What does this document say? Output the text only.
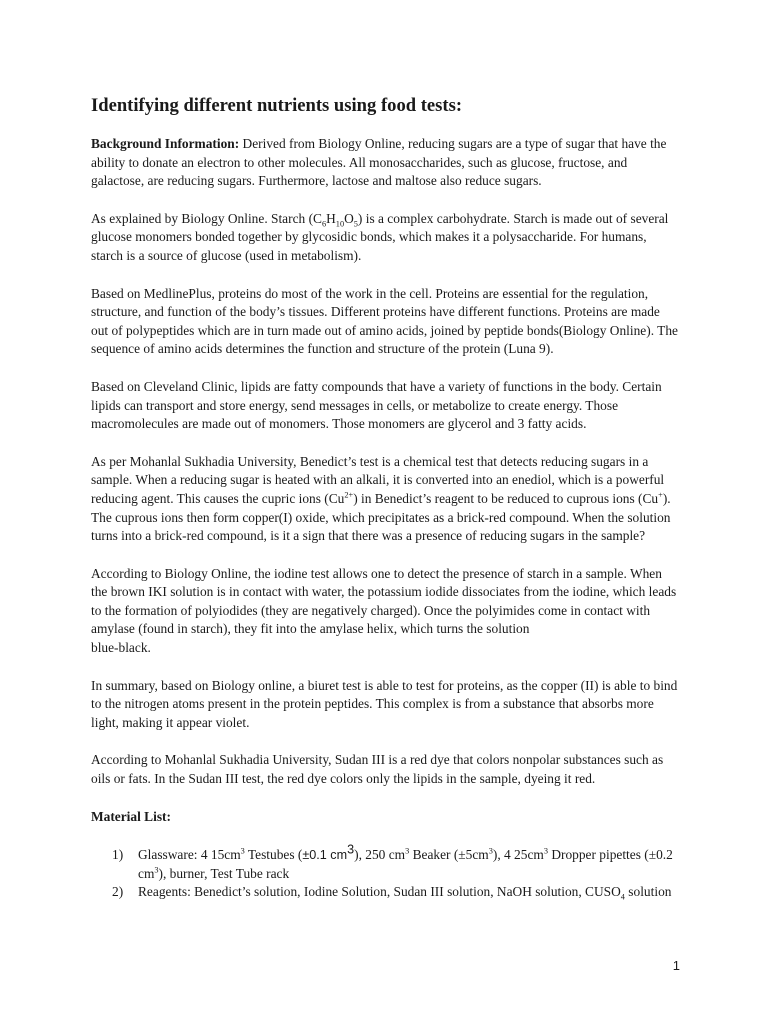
Identifying different nutrients using food tests:

Background Information: Derived from Biology Online, reducing sugars are a type of sugar that have the ability to donate an electron to other molecules. All monosaccharides, such as glucose, fructose, and galactose, are reducing sugars. Furthermore, lactose and maltose also reduce sugars.

As explained by Biology Online. Starch $(C_6H_{10}O_5)$ is a complex carbohydrate. Starch is made out of several glucose monomers bonded together by glycosidic bonds, which makes it a polysaccharide. For humans, starch is a source of glucose (used in metabolism).

Based on MedlinePlus, proteins do most of the work in the cell. Proteins are essential for the regulation, structure, and function of the body’s tissues. Different proteins have different functions. Proteins are made out of polypeptides which are in turn made out of amino acids, joined by peptide bonds(Biology Online). The sequence of amino acids determines the function and structure of the protein (Luna 9).

Based on Cleveland Clinic, lipids are fatty compounds that have a variety of functions in the body. Certain lipids can transport and store energy, send messages in cells, or metabolize to create energy. Those macromolecules are made out of monomers. Those monomers are glycerol and 3 fatty acids.

As per Mohanlal Sukhadia University, Benedict’s test is a chemical test that detects reducing sugars in a sample. When a reducing sugar is heated with an alkali, it is converted into an enediol, which is a powerful reducing agent. This causes the cupric ions $(Cu^{2+})$ in Benedict’s reagent to be reduced to cuprous ions (Cu+). The cuprous ions then form copper(I) oxide, which precipitates as a brick-red compound. When the solution turns into a brick-red compound, is it a sign that there was a presence of reducing sugars in the sample?

According to Biology Online, the iodine test allows one to detect the presence of starch in a sample. When the brown IKI solution is in contact with water, the potassium iodide dissociates from the iodine, which leads to the formation of polyiodides (they are negatively charged). Once the polyimides come in contact with amylase (found in starch), they fit into the amylase helix, which turns the solution
blue-black.

In summary, based on Biology online, a biuret test is able to test for proteins, as the copper (II) is able to bind to the nitrogen atoms present in the protein peptides. This complex is from a substance that absorbs more light, making it appear violet.

According to Mohanlal Sukhadia University, Sudan III is a red dye that colors nonpolar substances such as oils or fats. In the Sudan III test, the red dye colors only the lipids in the sample, dyeing it red.

Material List:
1) Glassware: 4 $15cm^3$ Testubes (±0.1 $cm^3$), 250 $cm^3$ Beaker $(\pm 5cm^3)$, 4 $25cm^3$ Dropper pipettes (±0.2 $cm^3$), burner, Test Tube rack
2) Reagents: Benedict’s solution, Iodine Solution, Sudan III solution, NaOH solution, $CUSO_4$ solution
1
